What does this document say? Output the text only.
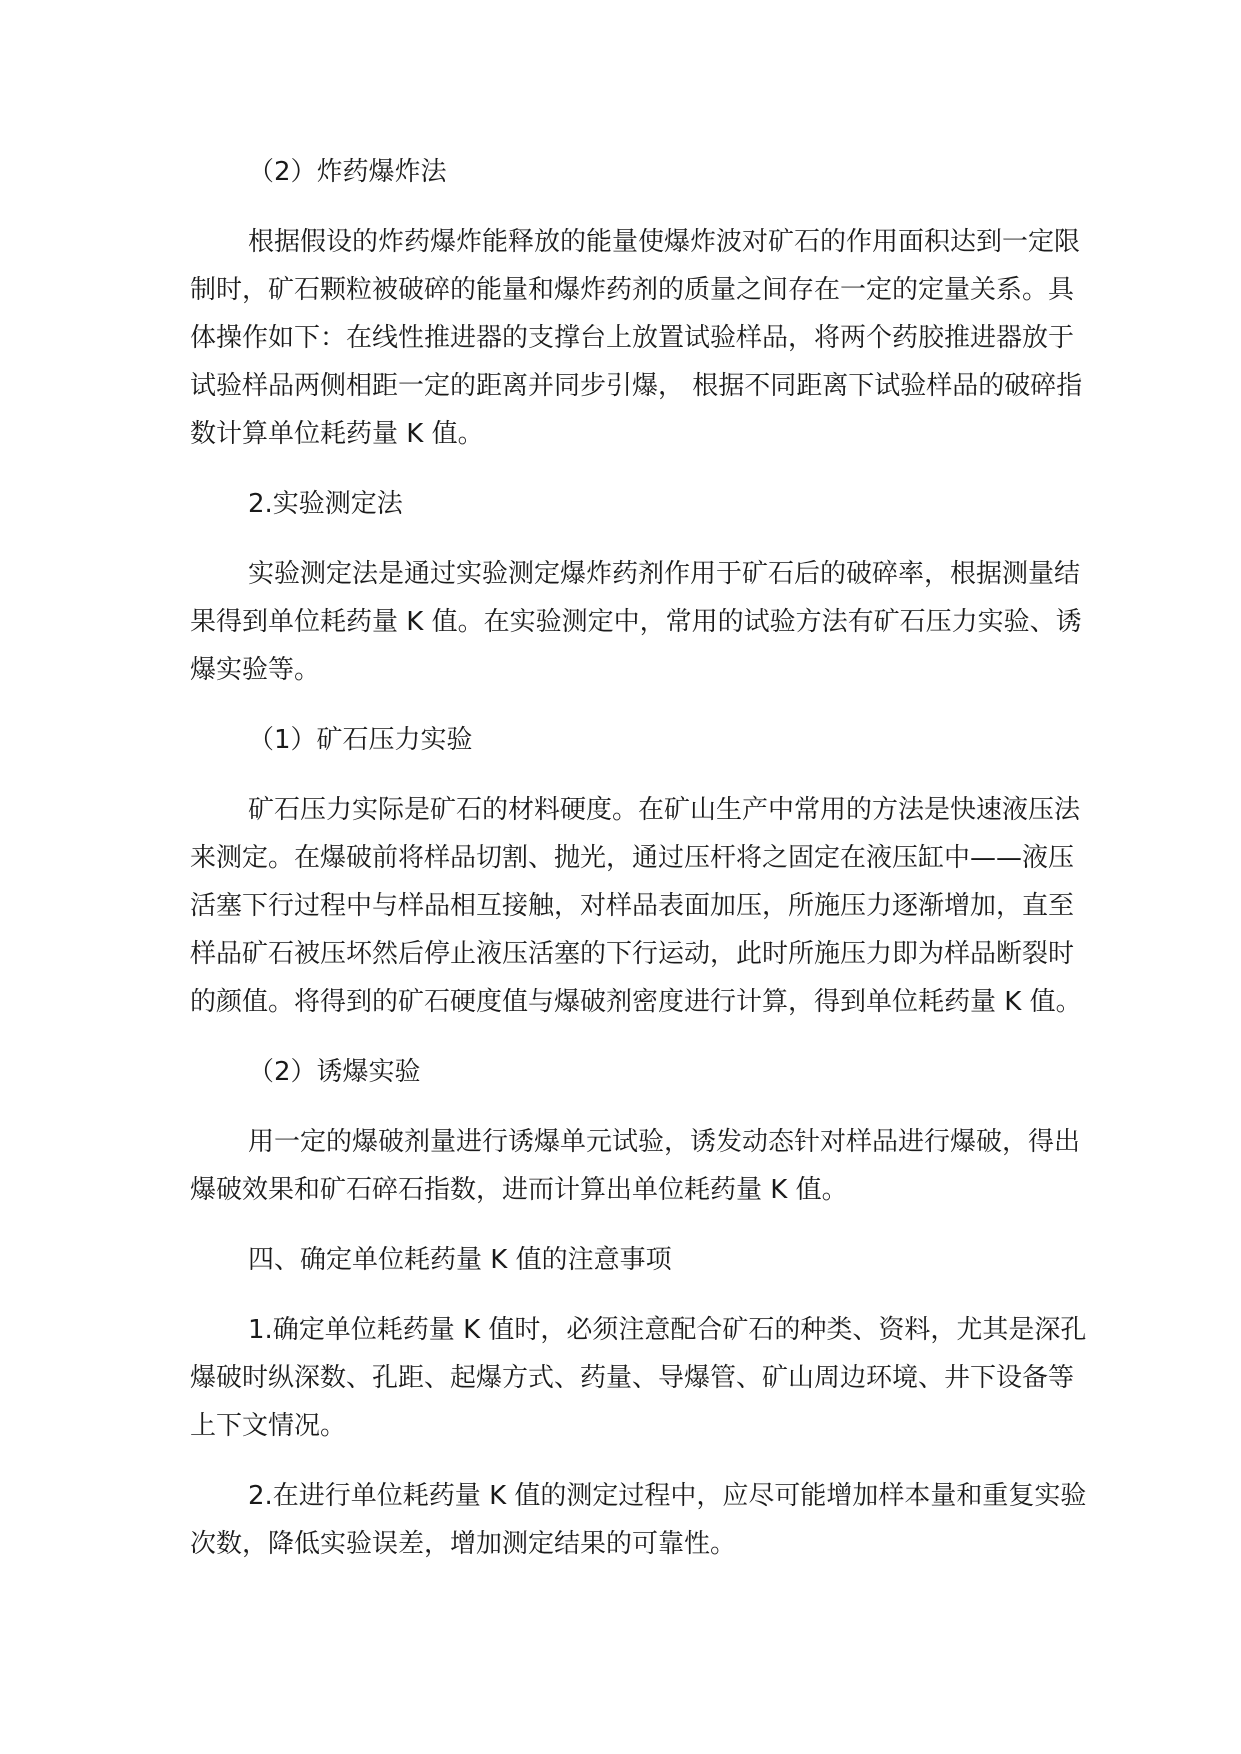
（2）炸药爆炸法

根据假设的炸药爆炸能释放的能量使爆炸波对矿石的作用面积达到一定限制时，矿石颗粒被破碎的能量和爆炸药剂的质量之间存在一定的定量关系。具体操作如下：在线性推进器的支撑台上放置试验样品，将两个药胶推进器放于试验样品两侧相距一定的距离并同步引爆， 根据不同距离下试验样品的破碎指数计算单位耗药量 K 值。

2.实验测定法

实验测定法是通过实验测定爆炸药剂作用于矿石后的破碎率，根据测量结果得到单位耗药量 K 值。在实验测定中，常用的试验方法有矿石压力实验、诱爆实验等。

（1）矿石压力实验

矿石压力实际是矿石的材料硬度。在矿山生产中常用的方法是快速液压法来测定。在爆破前将样品切割、抛光，通过压杆将之固定在液压缸中——液压活塞下行过程中与样品相互接触，对样品表面加压，所施压力逐渐增加，直至样品矿石被压坏然后停止液压活塞的下行运动，此时所施压力即为样品断裂时的颜值。将得到的矿石硬度值与爆破剂密度进行计算，得到单位耗药量 K 值。

（2）诱爆实验

用一定的爆破剂量进行诱爆单元试验，诱发动态针对样品进行爆破，得出爆破效果和矿石碎石指数，进而计算出单位耗药量 K 值。

四、确定单位耗药量 K 值的注意事项

1.确定单位耗药量 K 值时，必须注意配合矿石的种类、资料，尤其是深孔爆破时纵深数、孔距、起爆方式、药量、导爆管、矿山周边环境、井下设备等上下文情况。

2.在进行单位耗药量 K 值的测定过程中，应尽可能增加样本量和重复实验次数，降低实验误差，增加测定结果的可靠性。
